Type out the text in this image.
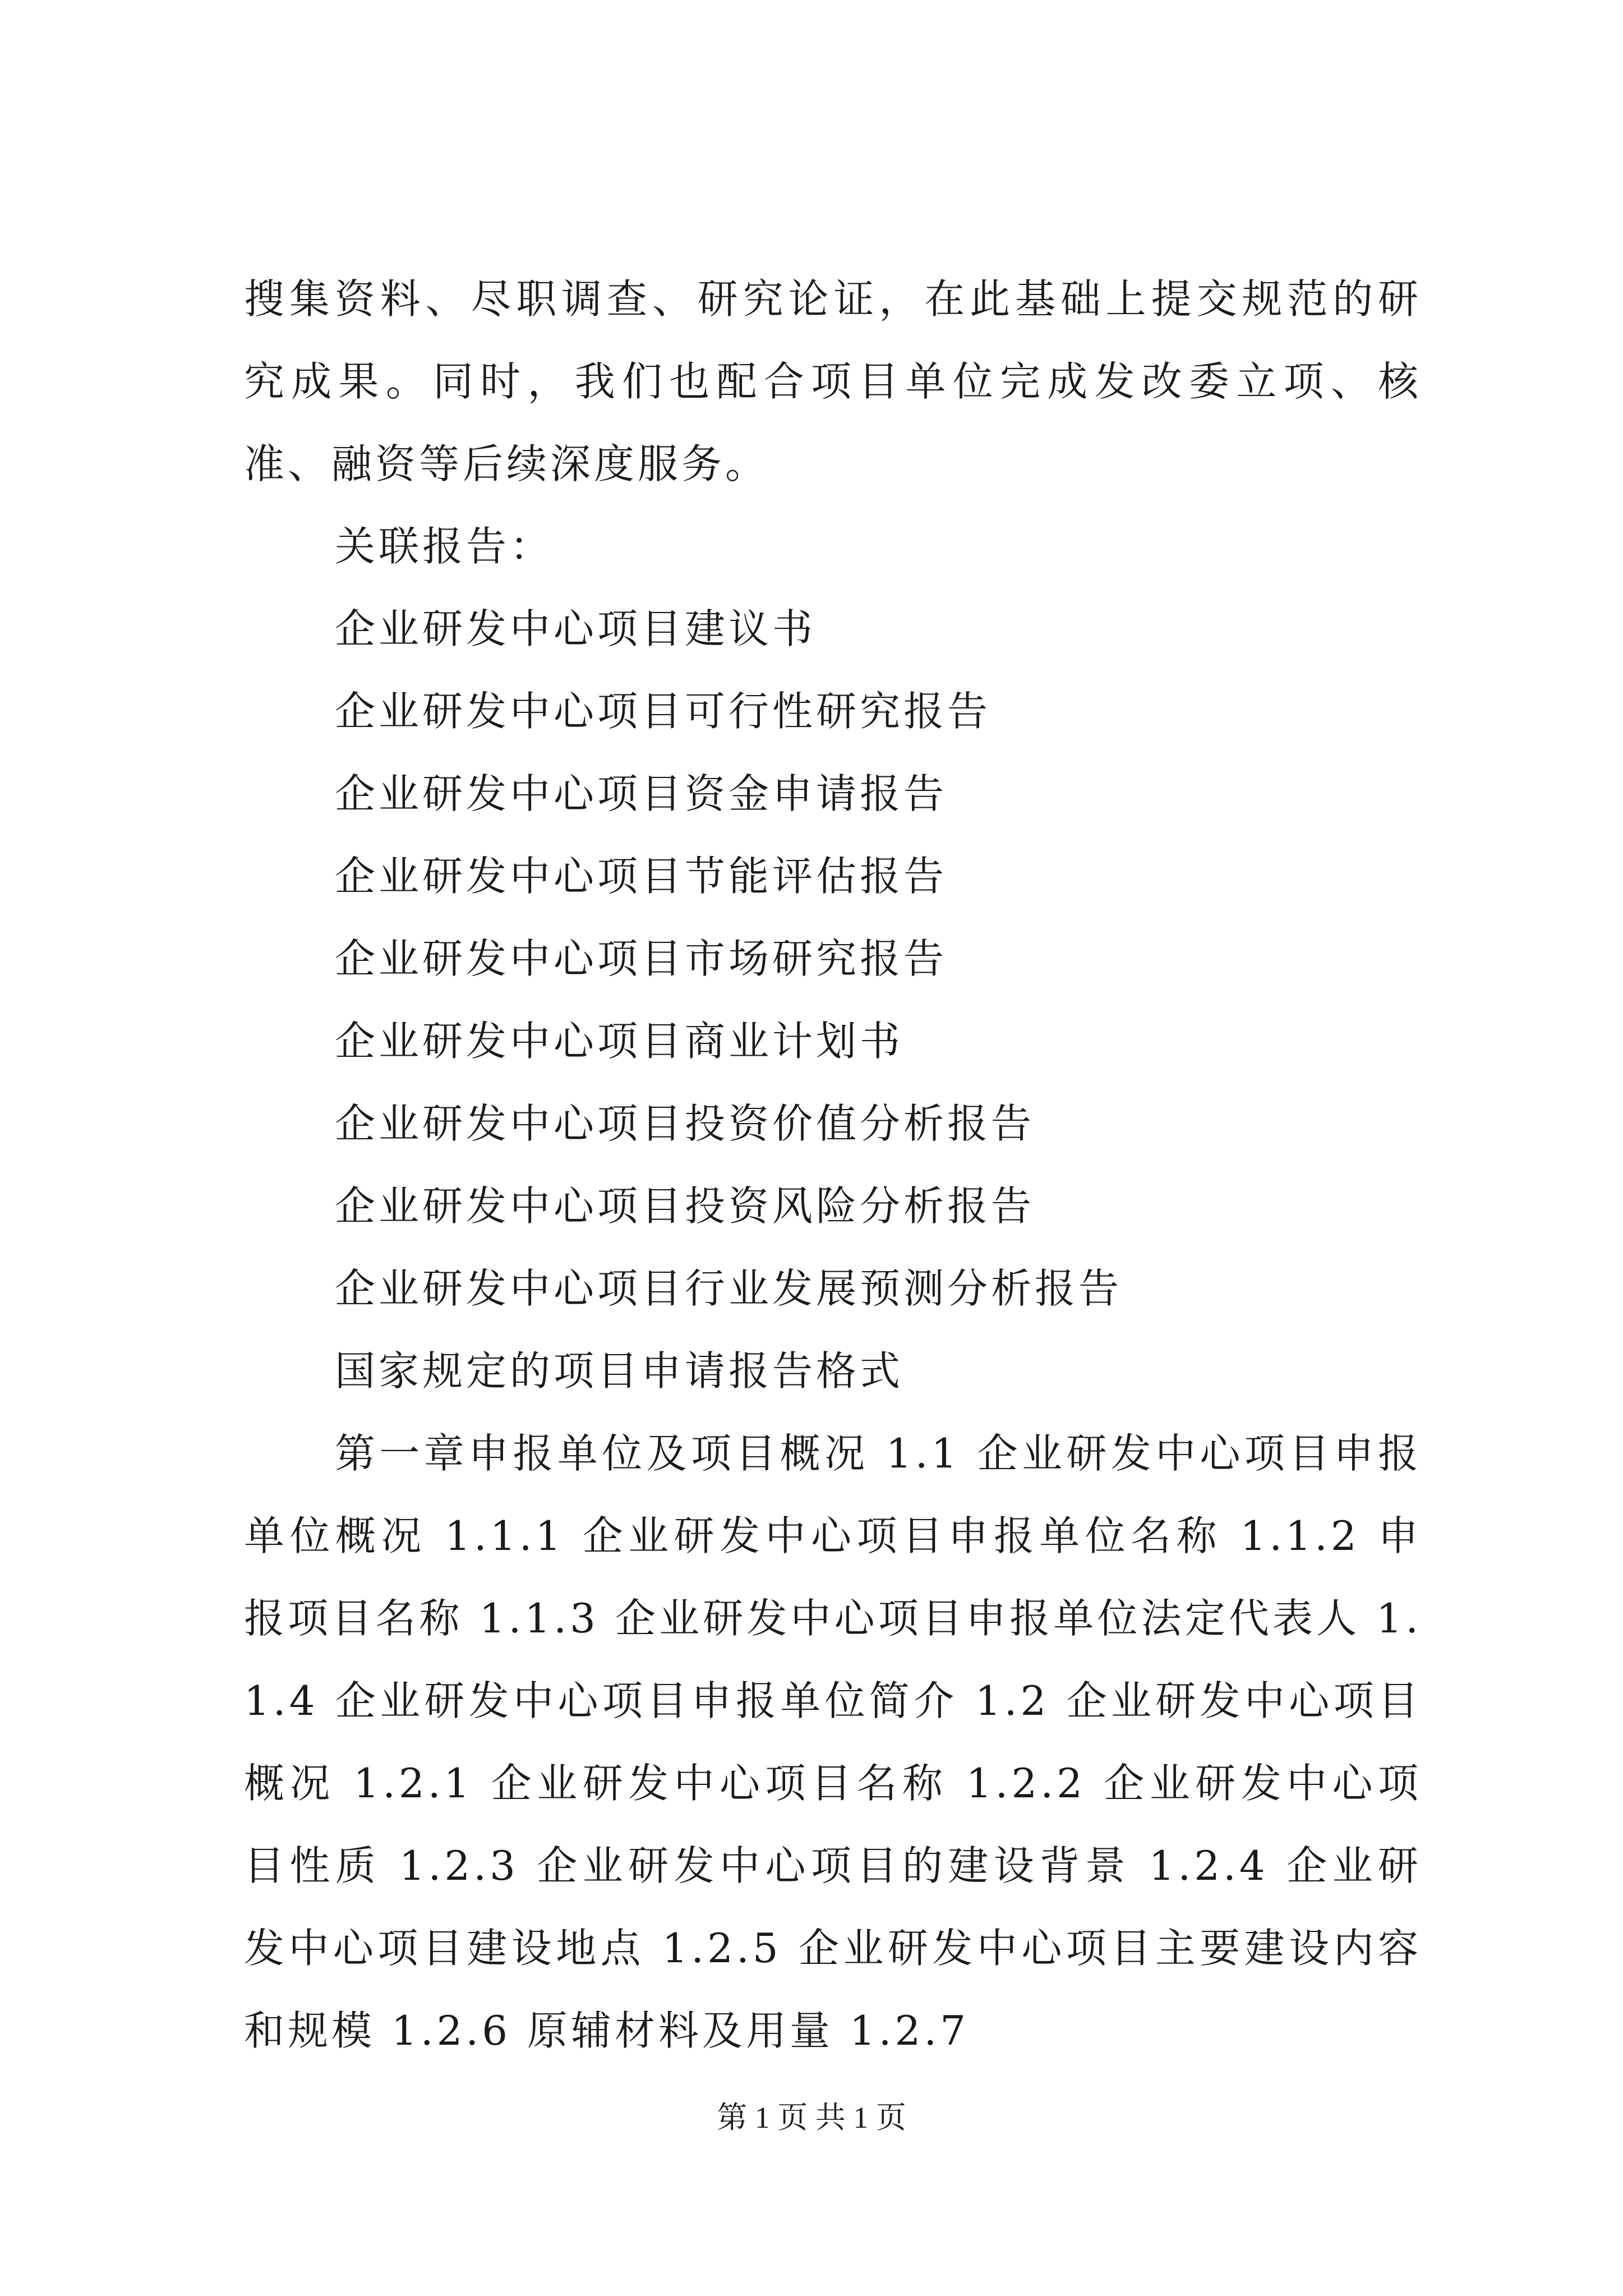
搜集资料、尽职调查、研究论证，在此基础上提交规范的研究成果。同时，我们也配合项目单位完成发改委立项、核准、融资等后续深度服务。

关联报告：

企业研发中心项目建议书

企业研发中心项目可行性研究报告

企业研发中心项目资金申请报告

企业研发中心项目节能评估报告

企业研发中心项目市场研究报告

企业研发中心项目商业计划书

企业研发中心项目投资价值分析报告

企业研发中心项目投资风险分析报告

企业研发中心项目行业发展预测分析报告

国家规定的项目申请报告格式

第一章申报单位及项目概况 1.1 企业研发中心项目申报单位概况 1.1.1 企业研发中心项目申报单位名称 1.1.2 申报项目名称 1.1.3 企业研发中心项目申报单位法定代表人 1.1.4 企业研发中心项目申报单位简介 1.2 企业研发中心项目概况 1.2.1 企业研发中心项目名称 1.2.2 企业研发中心项目性质 1.2.3 企业研发中心项目的建设背景 1.2.4 企业研发中心项目建设地点 1.2.5 企业研发中心项目主要建设内容和规模 1.2.6 原辅材料及用量 1.2.7

第 1 页 共 1 页
